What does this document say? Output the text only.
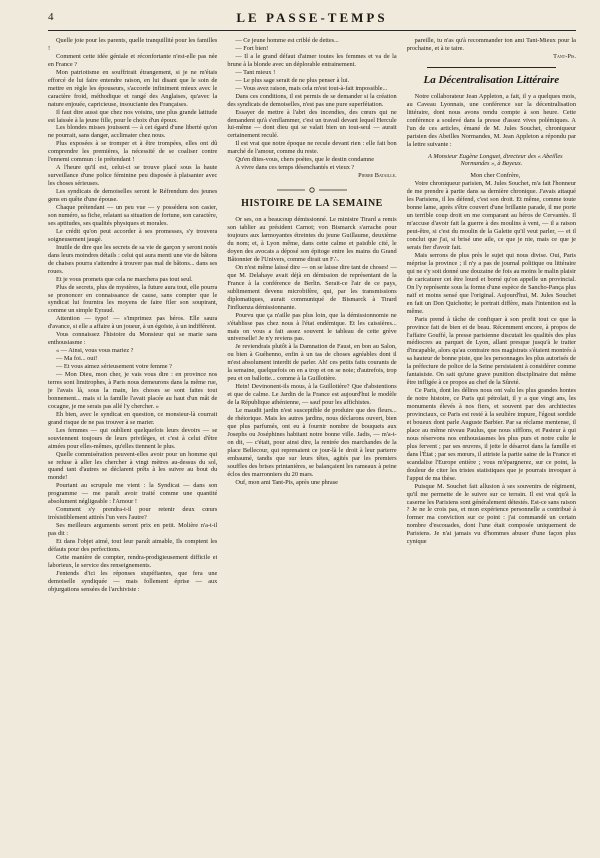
4	LE PASSE-TEMPS

Quelle joie pour les parents, quelle tranquillité pour les familles !

Comment cette idée géniale et réconfortante n'est-elle pas née en France ?

Mon patriotisme en souffrirait étrangement, si je ne m'étais efforcé de lui faire entendre raison, en lui disant que le soin de mettre en règle les épouseurs, s'accorde infiniment mieux avec le caractère froid, méthodique et rangé des Anglaises, qu'avec la nature enjouée, capricieuse, insouciante des Françaises.

Il faut dire aussi que chez nos voisins, une plus grande latitude est laissée à la jeune fille, pour le choix d'un époux.

Les blondes misses jouissent — à cet égard d'une liberté qu'on ne pourrait, sans danger, acclimater chez nous.

Plus exposées à se tromper et à être trompées, elles ont dû comprendre les premières, la nécessité de se coaliser contre l'ennemi commun : le prétendant !

A l'heure qu'il est, celui-ci se trouve placé sous la haute surveillance d'une police féminine peu disposée à plaisanter avec les choses sérieuses.

Les syndicats de demoiselles seront le Réfrendum des jeunes gens en quête d'une épouse.

Chaque prétendant — un peu vue — y possédera son casier, son numéro, sa fiche, relatant sa situation de fortune, son caractère, ses aptitudes, ses qualités physiques et morales.

Le crédit qu'on peut accorder à ses promesses, s'y trouvera soigneusement jaugé.

Inutile de dire que les secrets de sa vie de garçon y seront notés dans leurs moindres détails : celui qui aura menti une vie de bâtons de chaises pourra s'attendre à trouver pas mal de bâtons... dans ses roues.

Et je vous promets que cela ne marchera pas tout seul.

Plus de secrets, plus de mystères, la future aura tout, elle pourra se prononcer en connaissance de cause, sans compter que le syndicat lui fournira les moyens de faire filer son soupirant, comme un simple Eyraud.

Attention — typo! — s'imprimez pas héros. Elle saura d'avance, si elle a affaire à un joueur, à un égoïste, à un indifférent.

Vous connaissez l'histoire du Monsieur qui se marie sans enthousiasme :

« — Ainsi, vous vous mariez ?

— Ma foi... oui!

— Et vous aimez sérieusement votre femme ?

— Mon Dieu, mon cher, je vais vous dire : en province nos terres sont limitrophes, à Paris nous demeurons dans la même rue, je l'avais là, sous la main, les choses se sont faites tout bonnement... mais si la famille l'avait placée au haut d'un mât de cocagne, je me serais pas allé l'y chercher. »

Eh bien, avec le syndicat en question, ce monsieur-là courrait grand risque de ne pas trouver à se marier.

Les femmes — qui oublient quelquefois leurs devoirs — se souviennent toujours de leurs privilèges, et c'est à celui d'être aimées pour elles-mêmes, qu'elles tiennent le plus.

Quelle commisération peuvent-elles avoir pour un homme qui se refuse à aller les chercher à vingt mètres au-dessus du sol, quand tant d'autres se déclarent prêts à les suivre au bout du monde!

Pourtant au scrupule me vient : la Syndicat — dans son programme — me paraît avoir traité comme une quantité absolument négligeable : l'Amour !

Comment s'y prendra-t-il pour retenir deux cœurs irrésistiblement attirés l'un vers l'autre?

Ses meilleurs arguments seront prix en petit. Molière n'a-t-il pas dit :

Et dans l'objet aimé, tout leur paraît aimable, Ils comptent les défauts pour des perfections.

Cette manière de compter, rendra-prodigieusement difficile et laborieux, le service des renseignements.

J'entends d'ici les réponses stupéfiantes, que fera une demoiselle syndiquée — mais follement éprise — aux objurgations sensées de l'archiviste :

— Ce jeune homme est criblé de dettes...

— Fort bien!

— Il a le grand défaut d'aimer toutes les femmes et va de la brune à la blonde avec un déplorable entrainement.

— Tant mieux !

— Le plus sage serait de ne plus penser à lui.

— Vous avez raison, mais cela m'est tout-à-fait impossible...

Dans ces conditions, il est permis de se demander si la création des syndicats de demoiselles, n'est pas une pure superfétation.

Essayer de mettre à l'abri des incendies, des cœurs qui ne demandent qu'à s'enflammer, c'est un travail devant lequel Hercule lui-même — dont dieu qui se valait bien un tout-seul — aurait certainement reculé.

Il est vrai que notre époque ne recule devant rien : elle fait bon marché de l'amour, comme du reste.

Qu'en dites-vous, chers poètes, que le destin condamne

A vivre dans ces temps désenchantés et vieux ?

Pierre Bataille.

HISTOIRE DE LA SEMAINE

Or ses, on a beaucoup démissionné. Le ministre Tirard a remis son tablier au président Carnot; von Bismarck s'arrache pour toujours aux larmoyantes étreintes du jeune Guillaume, deuxième du nom; et, à Lyon même, dans cette calme et paisible cité, le doyen des avocats a déposé son épitoge entre les mains du Grand Bâtonnier de l'Univers, comme dirait un F∴.

On n'est même laissé dire — on se laisse dire tant de choses! — que M. Delahaye avait déjà en démission de représentant de la France à la conférence de Berlin. Serait-ce l'air de ce pays, sublimement devenu microbifère, qui, par les transmissions diplomatiques, aurait communiqué de Bismarck à Tirard l'influenza démissionnante.

Pourvu que ça n'aille pas plus loin, que la démissionnomie ne s'établisse pas chez nous à l'état endémique. Et les caissières... mais on vous a fait assez souvent le tableau de cette grève universelle! Je n'y reviens pas.

Je reviendrais plutôt à la Damnation de Faust, en bon au Salon, ou bien à Guéhenno, enfin à un tas de choses agréables dont il m'est absolument interdit de parler. Ah! ces petits faits courants de la semaine, quelquefois on en a trop et on se noie; d'autrefois, trop peu et on ballotte... comme à la Guillotière.

Hein! Devinonent-ils mous, à la Guillotière? Que d'abstentions et que de calme. Le Jardin de la France est aujourd'hui le modèle de la République athénienne, — sauf pour les affichistes.

Le maudit jardin n'est susceptible de produire que des fleurs... de rhétorique. Mais les autres jardins, nous déclarons ouvert, bien que plus parfumés, ont eu à fournir nombre de bouquets aux Josephs ou Joséphines habitant notre bonne ville. Jadis, — m'a-t-on dit, — c'était, pour ainsi dire, la rentrée des marchandes de la place Bellecour, qui reprenaient ce jour-là le droit à leur parterre embaumé, tandis que sur leurs têtes, agités par les premiers souffles des brises printanières, se balançaient les rameaux à peine éclos des marronniers du 20 mars.

Ouf, mon ami Tant-Pis, après une phrase

pareille, tu n'as qu'à recommander ton ami Tant-Mieux pour la prochaine, et à te taire.

Tant-Pis.

La Décentralisation Littéraire

Notre collaborateur Jean Appleton, a fait, il y a quelques mois, au Caveau Lyonnais, une conférence sur la décentralisation littéraire, dont nous avons rendu compte à son heure. Cette conférence a soulevé dans la presse d'assez vives polémiques. A l'un de ces articles, émané de M. Jules Souchet, chroniqueur parisien des Abeilles Normandes, M. Jean Appleton a répondu par la lettre suivante :

A Monsieur Eugène Longuet, directeur des « Abeilles Normandes », à Bayeux.

Mon cher Confrère,

Votre chroniqueur parisien, M. Jules Souchet, m'a fait l'honneur de me prendre à partie dans sa dernière chronique. J'avais attaqué les Parisiens, il les défend, c'est son droit. Et même, comme toute bonne lame, après s'être couvert d'une brillante parade, il me porte un terrible coup droit en me comparant au héros de Cervantès. Il m'accuse d'avoir fait la guerre à des moulins à vent, — il a raison peut-être, si c'est du moulin de la Galette qu'il veut parler, — et il conclut que j'ai, si brisé une aile, ce que je nie, mais ce que je serais fier d'avoir fait.

Mais serrons de plus près le sujet qui nous divise. Oui, Paris méprise la province ; il n'y a pas de journal politique ou littéraire qui ne s'y soit donné une douzaine de fois au moins le malin plaisir de caricaturer cet être lourd et borné qu'on appelle un provincial. On l'y représente sous la forme d'une espèce de Sancho-Pança plus naïf et moins sensé que l'original. Aujourd'hui, M. Jules Souchet en fait un Don Quichotte; le portrait diffère, mais l'intention est la même.

Paris prend à tâche de confiquer à son profit tout ce que la province fait de bien et de beau. Récemment encore, à propos de l'affaire Gouffé, la presse parisienne discutait les qualités des plus médiocres au parquet de Lyon, allant presque jusqu'à le traiter d'incapable, alors qu'au contraire nos magistrats s'étaient montrés à sa hauteur de bonne piste, que les personnages les plus autorisés de la préfecture de police de la Seine persistaient à considérer comme fantaisiste. On sait qu'une grave punition disciplinaire dut même être infligée à ce propos au chef de la Sûreté.

Ce Paris, dont les délires nous ont valu les plus grandes hontes de notre histoire, ce Paris qui pétrolait, il y a que vingt ans, les monuments élevés à nos fiers, et souvent par des architectes provinciaux, ce Paris est resté à la seulière impure, l'égout sordide et boueux dont parle Auguste Barbier. Par sa réclame mentense, il place au même niveau Paulus, que nous sifflons, et Pasteur à qui nous réservons nos enthousiasmes les plus purs et notre culte le plus fervent ; par ses œuvres, il jette le désarroi dans la famille et dans l'État ; par ses mœurs, il attriste la partie saine de la France et scandalise l'Europe entière ; vous m'épargnerez, sur ce point, la douleur de citer les tristes statistiques que je pourrais invoquer à l'appui de ma thèse.

Puisque M. Souchet fait allusion à ses souvenirs de régiment, qu'il me permette de le suivre sur ce terrain. Il est vrai qu'à la caserne les Parisiens sont généralement détestés. Est-ce sans raison ? Je ne le crois pas, et mon expérience personnelle a contribué à former ma conviction sur ce point : j'ai commandé un certain nombre d'escouades, dont l'une était composée uniquement de Parisiens. Je n'ai jamais vu d'hommes abuser d'une façon plus cynique
